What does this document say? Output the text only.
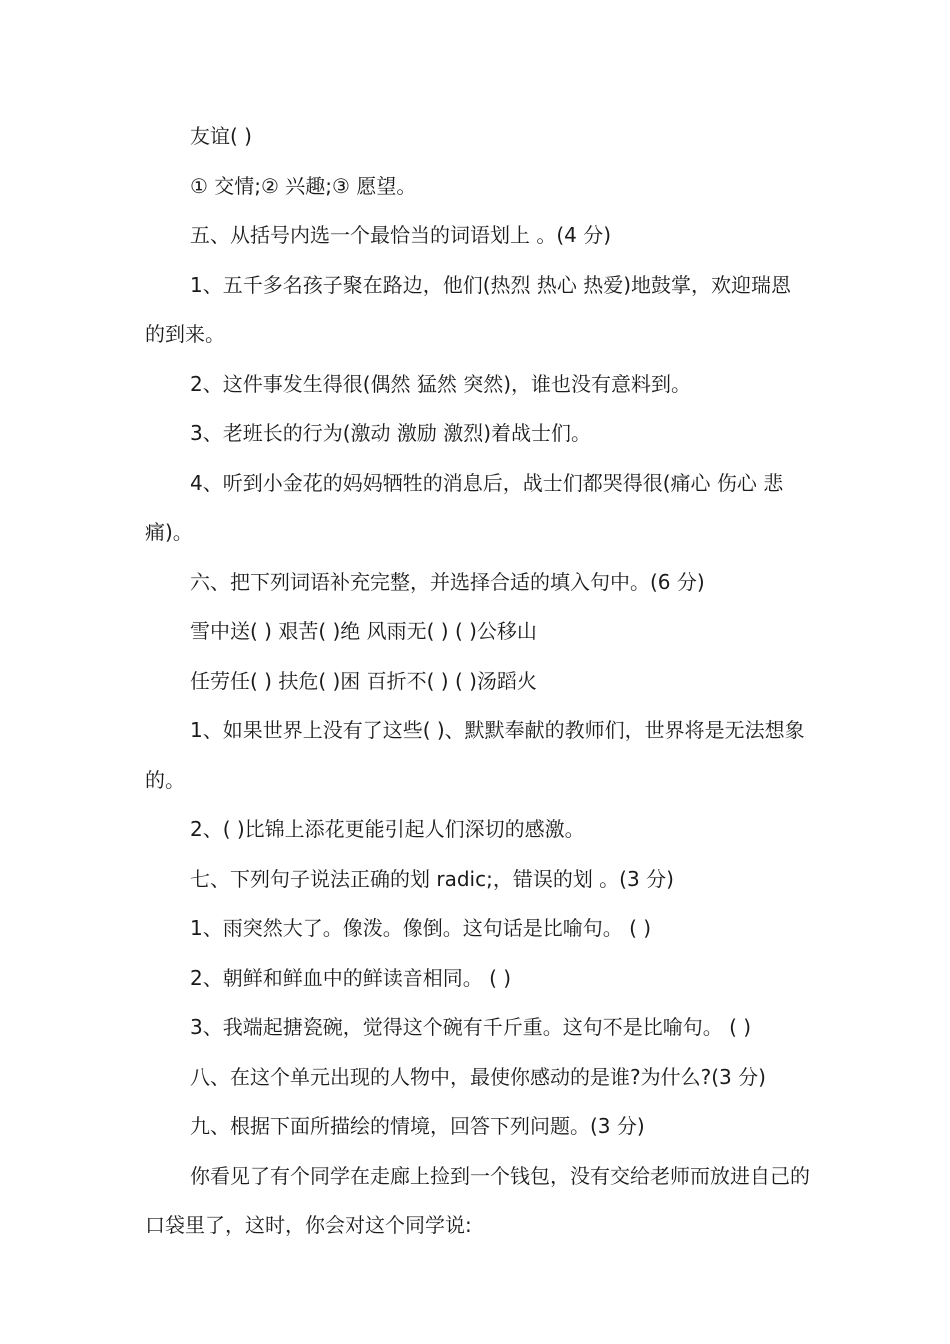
友谊( )

① 交情;② 兴趣;③ 愿望。

五、从括号内选一个最恰当的词语划上 。(4 分)

1、五千多名孩子聚在路边，他们(热烈 热心 热爱)地鼓掌，欢迎瑞恩的到来。

2、这件事发生得很(偶然 猛然 突然)，谁也没有意料到。

3、老班长的行为(激动 激励 激烈)着战士们。

4、听到小金花的妈妈牺牲的消息后，战士们都哭得很(痛心 伤心 悲痛)。

六、把下列词语补充完整，并选择合适的填入句中。(6 分)

雪中送( ) 艰苦( )绝 风雨无( ) ( )公移山

任劳任( ) 扶危( )困 百折不( ) ( )汤蹈火

1、如果世界上没有了这些( )、默默奉献的教师们，世界将是无法想象的。

2、( )比锦上添花更能引起人们深切的感激。

七、下列句子说法正确的划 radic;，错误的划 。(3 分)

1、雨突然大了。像泼。像倒。这句话是比喻句。 ( )

2、朝鲜和鲜血中的鲜读音相同。 ( )

3、我端起搪瓷碗，觉得这个碗有千斤重。这句不是比喻句。 ( )

八、在这个单元出现的人物中，最使你感动的是谁?为什么?(3 分)

九、根据下面所描绘的情境，回答下列问题。(3 分)

你看见了有个同学在走廊上捡到一个钱包，没有交给老师而放进自己的口袋里了，这时，你会对这个同学说:
